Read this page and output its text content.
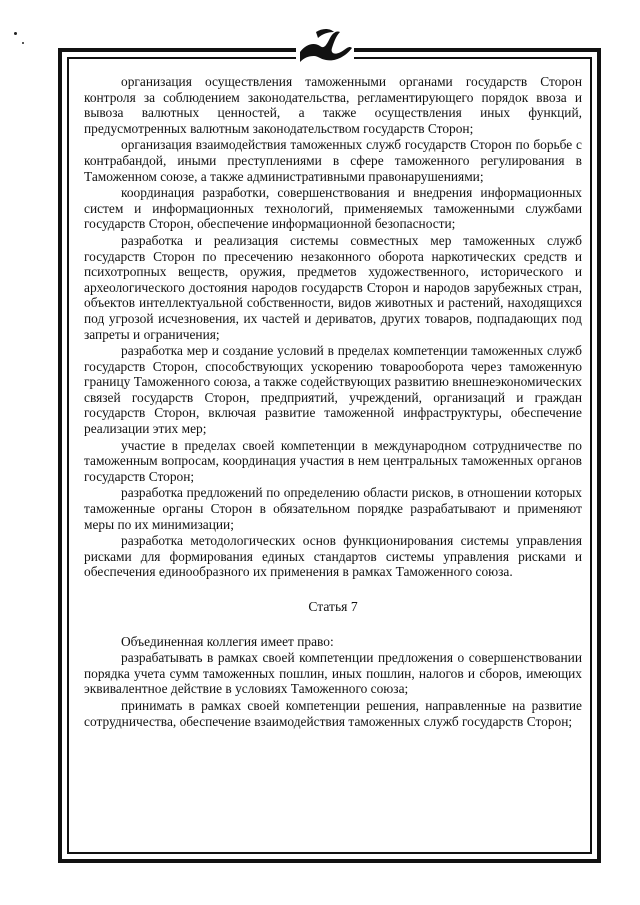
организация осуществления таможенными органами государств Сторон контроля за соблюдением законодательства, регламентирующего порядок ввоза и вывоза валютных ценностей, а также осуществления иных функций, предусмотренных валютным законодательством государств Сторон;

организация взаимодействия таможенных служб государств Сторон по борьбе с контрабандой, иными преступлениями в сфере таможенного регулирования в Таможенном союзе, а также административными правонарушениями;

координация разработки, совершенствования и внедрения информационных систем и информационных технологий, применяемых таможенными службами государств Сторон, обеспечение информационной безопасности;

разработка и реализация системы совместных мер таможенных служб государств Сторон по пресечению незаконного оборота наркотических средств и психотропных веществ, оружия, предметов художественного, исторического и археологического достояния народов государств Сторон и народов зарубежных стран, объектов интеллектуальной собственности, видов животных и растений, находящихся под угрозой исчезновения, их частей и дериватов, других товаров, подпадающих под запреты и ограничения;

разработка мер и создание условий в пределах компетенции таможенных служб государств Сторон, способствующих ускорению товарооборота через таможенную границу Таможенного союза, а также содействующих развитию внешнеэкономических связей государств Сторон, предприятий, учреждений, организаций и граждан государств Сторон, включая развитие таможенной инфраструктуры, обеспечение реализации этих мер;

участие в пределах своей компетенции в международном сотрудничестве по таможенным вопросам, координация участия в нем центральных таможенных органов государств Сторон;

разработка предложений по определению области рисков, в отношении которых таможенные органы Сторон в обязательном порядке разрабатывают и применяют меры по их минимизации;

разработка методологических основ функционирования системы управления рисками для формирования единых стандартов системы управления рисками и обеспечения единообразного их применения в рамках Таможенного союза.

Статья 7

Объединенная коллегия имеет право:

разрабатывать в рамках своей компетенции предложения о совершенствовании порядка учета сумм таможенных пошлин, иных пошлин, налогов и сборов, имеющих эквивалентное действие в условиях Таможенного союза;

принимать в рамках своей компетенции решения, направленные на развитие сотрудничества, обеспечение взаимодействия таможенных служб государств Сторон;
